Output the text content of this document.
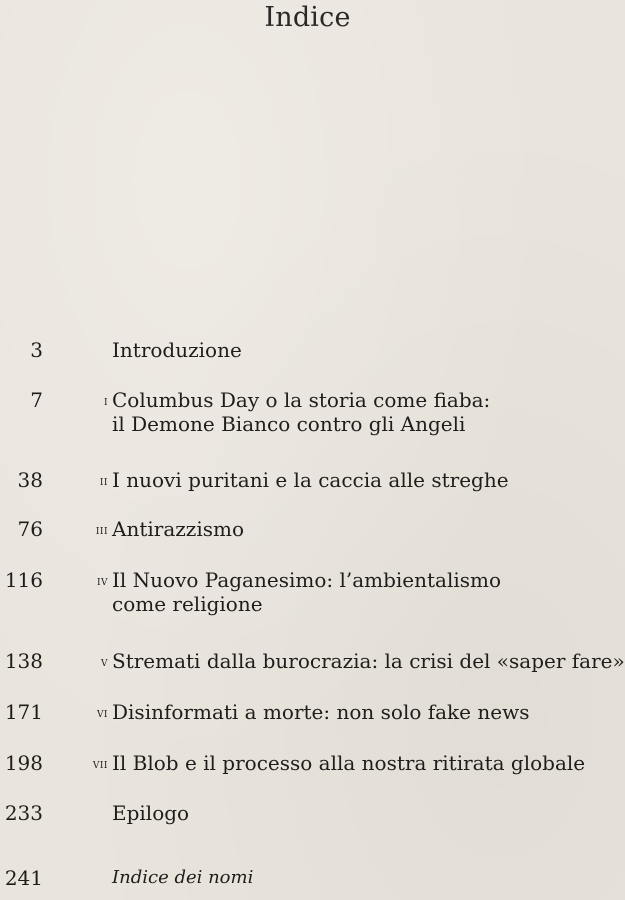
Indice
3	Introduzione
7	i Columbus Day o la storia come fiaba:
il Demone Bianco contro gli Angeli
38	ii I nuovi puritani e la caccia alle streghe
76	iii Antirazzismo
116	iv Il Nuovo Paganesimo: l’ambientalismo
come religione
138	v Stremati dalla burocrazia: la crisi del «saper fare»
171	vi Disinformati a morte: non solo fake news
198	vii Il Blob e il processo alla nostra ritirata globale
233	Epilogo
241	Indice dei nomi
